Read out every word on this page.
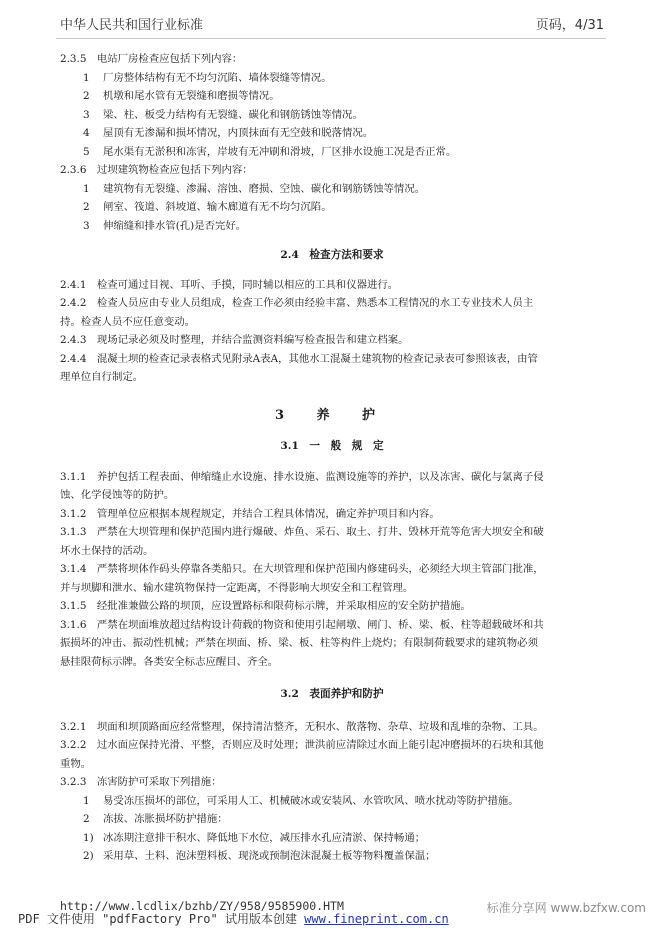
中华人民共和国行业标准	页码，4/31

2.3.5　电站厂房检查应包括下列内容：

1 厂房整体结构有无不均匀沉陷、墙体裂缝等情况。

2 机墩和尾水管有无裂缝和磨损等情况。

3 梁、柱、板受力结构有无裂缝、碳化和钢筋锈蚀等情况。

4 屋顶有无渗漏和损坏情况，内顶抹面有无空鼓和脱落情况。

5 尾水渠有无淤积和冻害，岸坡有无冲刷和滑坡，厂区排水设施工况是否正常。

2.3.6　过坝建筑物检查应包括下列内容：

1 建筑物有无裂缝、渗漏、溶蚀、磨损、空蚀、碳化和钢筋锈蚀等情况。

2 闸室、筏道、斜坡道、输木廊道有无不均匀沉陷。

3 伸缩缝和排水管(孔)是否完好。

2.4　检查方法和要求

2.4.1　检查可通过目视、耳听、手摸，同时辅以相应的工具和仪器进行。

2.4.2　检查人员应由专业人员组成，检查工作必须由经验丰富、熟悉本工程情况的水工专业技术人员主

持。检查人员不应任意变动。

2.4.3　现场记录必须及时整理，并结合监测资料编写检查报告和建立档案。

2.4.4　混凝土坝的检查记录表格式见附录A表A，其他水工混凝土建筑物的检查记录表可参照该表，由管

理单位自行制定。

3 养 护

3.1　一　般　规　定

3.1.1　养护包括工程表面、伸缩缝止水设施、排水设施、监测设施等的养护，以及冻害、碳化与氯离子侵

蚀、化学侵蚀等的防护。

3.1.2　管理单位应根据本规程规定，并结合工程具体情况，确定养护项目和内容。

3.1.3　严禁在大坝管理和保护范围内进行爆破、炸鱼、采石、取土、打井、毁林开荒等危害大坝安全和破

坏水土保持的活动。

3.1.4　严禁将坝体作码头停靠各类船只。在大坝管理和保护范围内修建码头，必须经大坝主管部门批准，

并与坝脚和泄水、输水建筑物保持一定距离，不得影响大坝安全和工程管理。

3.1.5　经批准兼做公路的坝顶，应设置路标和限荷标示牌，并采取相应的安全防护措施。

3.1.6　严禁在坝面堆放超过结构设计荷载的物资和使用引起闸墩、闸门、桥、梁、板、柱等超载破坏和共

振损坏的冲击、振动性机械；严禁在坝面、桥、梁、板、柱等构件上烧灼；有限制荷载要求的建筑物必须

悬挂限荷标示牌。各类安全标志应醒目、齐全。

3.2　表面养护和防护

3.2.1　坝面和坝顶路面应经常整理，保持清洁整齐，无积水、散落物、杂草、垃圾和乱堆的杂物、工具。

3.2.2　过水面应保持光滑、平整，否则应及时处理；泄洪前应清除过水面上能引起冲磨损坏的石块和其他

重物。

3.2.3　冻害防护可采取下列措施：

1 易受冻压损坏的部位，可采用人工、机械破冰或安装风、水管吹风、喷水扰动等防护措施。

2 冻拔、冻胀损坏防护措施：

1) 冰冻期注意排干积水、降低地下水位，减压排水孔应清淤、保持畅通；

2) 采用草、土料、泡沫塑料板、现浇或预制泡沫混凝土板等物料覆盖保温；

http://www.lcdlix/bzhb/ZY/958/9585900.HTM	标准分享网 www.bzfxw.com
PDF 文件使用 "pdfFactory Pro" 试用版本创建 www.fineprint.com.cn
